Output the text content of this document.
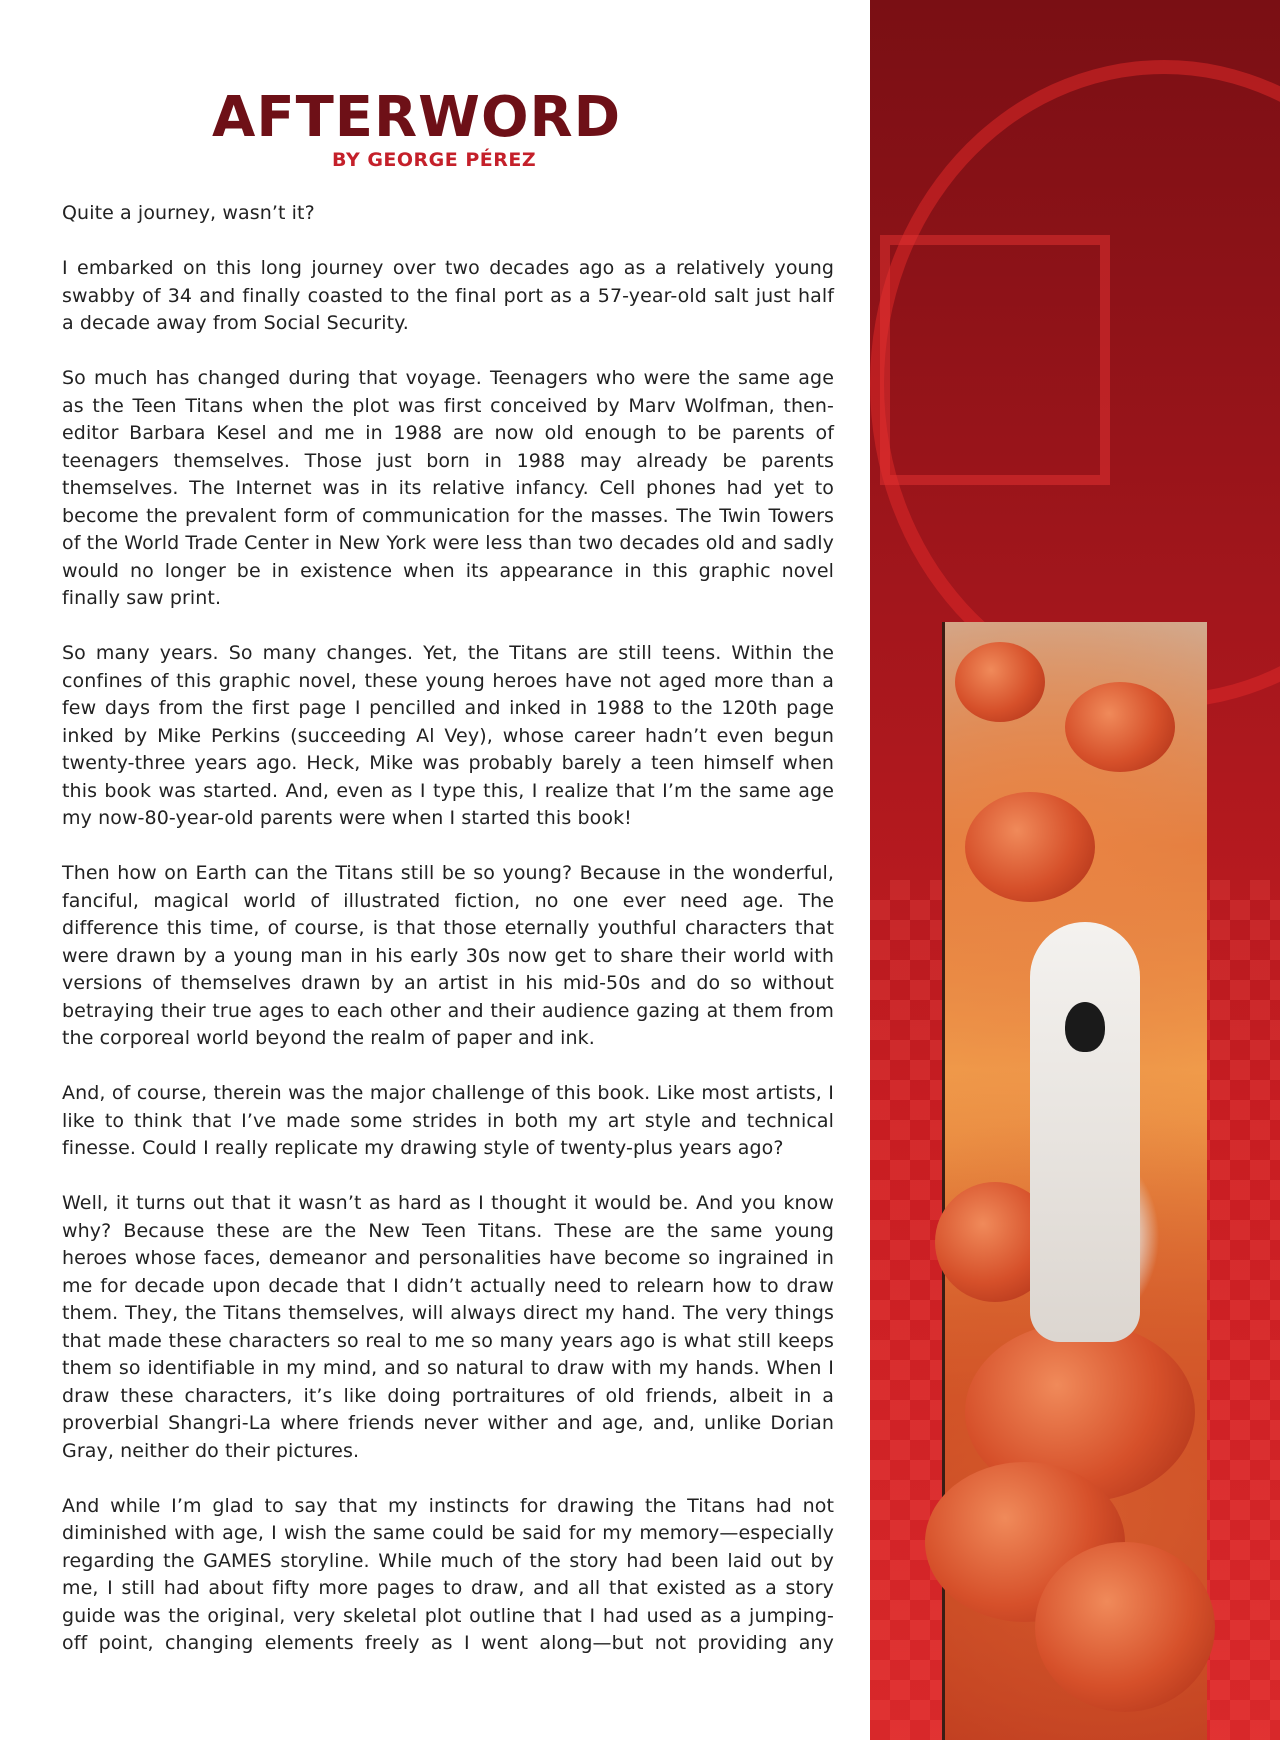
AFTERWORD
BY GEORGE PÉREZ

Quite a journey, wasn’t it?

I embarked on this long journey over two decades ago as a relatively young swabby of 34 and finally coasted to the final port as a 57-year-old salt just half a decade away from Social Security.

So much has changed during that voyage. Teenagers who were the same age as the Teen Titans when the plot was first conceived by Marv Wolfman, then-editor Barbara Kesel and me in 1988 are now old enough to be parents of teenagers themselves. Those just born in 1988 may already be parents themselves. The Internet was in its relative infancy. Cell phones had yet to become the prevalent form of communication for the masses. The Twin Towers of the World Trade Center in New York were less than two decades old and sadly would no longer be in existence when its appearance in this graphic novel finally saw print.

So many years. So many changes. Yet, the Titans are still teens. Within the confines of this graphic novel, these young heroes have not aged more than a few days from the first page I pencilled and inked in 1988 to the 120th page inked by Mike Perkins (succeeding Al Vey), whose career hadn’t even begun twenty-three years ago. Heck, Mike was probably barely a teen himself when this book was started. And, even as I type this, I realize that I’m the same age my now-80-year-old parents were when I started this book!

Then how on Earth can the Titans still be so young? Because in the wonderful, fanciful, magical world of illustrated fiction, no one ever need age. The difference this time, of course, is that those eternally youthful characters that were drawn by a young man in his early 30s now get to share their world with versions of themselves drawn by an artist in his mid-50s and do so without betraying their true ages to each other and their audience gazing at them from the corporeal world beyond the realm of paper and ink.

And, of course, therein was the major challenge of this book. Like most artists, I like to think that I’ve made some strides in both my art style and technical finesse. Could I really replicate my drawing style of twenty-plus years ago?

Well, it turns out that it wasn’t as hard as I thought it would be. And you know why? Because these are the New Teen Titans. These are the same young heroes whose faces, demeanor and personalities have become so ingrained in me for decade upon decade that I didn’t actually need to relearn how to draw them. They, the Titans themselves, will always direct my hand. The very things that made these characters so real to me so many years ago is what still keeps them so identifiable in my mind, and so natural to draw with my hands. When I draw these characters, it’s like doing portraitures of old friends, albeit in a proverbial Shangri-La where friends never wither and age, and, unlike Dorian Gray, neither do their pictures.

And while I’m glad to say that my instincts for drawing the Titans had not diminished with age, I wish the same could be said for my memory—especially regarding the GAMES storyline. While much of the story had been laid out by me, I still had about fifty more pages to draw, and all that existed as a story guide was the original, very skeletal plot outline that I had used as a jumping-off point, changing elements freely as I went along—but not providing any
